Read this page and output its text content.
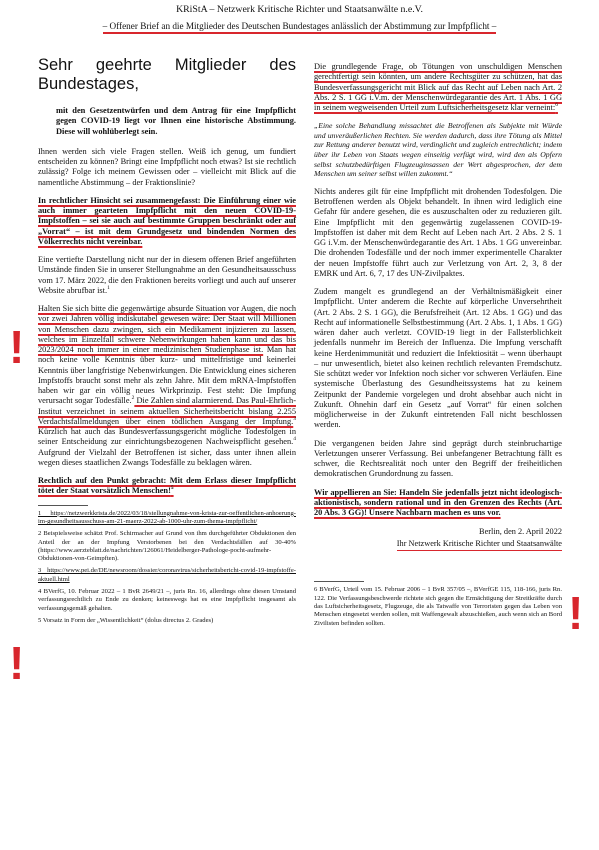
KRiStA – Netzwerk Kritische Richter und Staatsanwälte n.e.V.
– Offener Brief an die Mitglieder des Deutschen Bundestages anlässlich der Abstimmung zur Impfpflicht –
!
!
!
Sehr geehrte Mitglieder des Bundestages,

mit den Gesetzentwürfen und dem Antrag für eine Impfpflicht gegen COVID-19 liegt vor Ihnen eine historische Abstimmung. Diese will wohlüberlegt sein.

Ihnen werden sich viele Fragen stellen. Weiß ich genug, um fundiert entscheiden zu können? Bringt eine Impfpflicht noch etwas? Ist sie rechtlich zulässig? Folge ich meinem Gewissen oder – vielleicht mit Blick auf die namentliche Abstimmung – der Fraktionslinie?

In rechtlicher Hinsicht sei zusammengefasst: Die Einführung einer wie auch immer gearteten Impfpflicht mit den neuen COVID-19-Impfstoffen – sei sie auch auf bestimmte Gruppen beschränkt oder auf „Vorrat“ – ist mit dem Grundgesetz und bindenden Normen des Völkerrechts nicht vereinbar.

Eine vertiefte Darstellung nicht nur der in diesem offenen Brief angeführten Umstände finden Sie in unserer Stellungnahme an den Gesundheitsausschuss vom 17. März 2022, die den Fraktionen bereits vorliegt und auch auf unserer Website abrufbar ist.$^1$

Halten Sie sich bitte die gegenwärtige absurde Situation vor Augen, die noch vor zwei Jahren völlig indiskutabel gewesen wäre: Der Staat will Millionen von Menschen dazu zwingen, sich ein Medikament injizieren zu lassen, welches im Einzelfall schwere Nebenwirkungen haben kann und das bis 2023/2024 noch immer in einer medizinischen Studienphase ist. Man hat noch keine volle Kenntnis über kurz- und mittelfristige und keinerlei Kenntnis über langfristige Nebenwirkungen. Die Entwicklung eines sicheren Impfstoffs braucht sonst mehr als zehn Jahre. Mit dem mRNA-Impfstoffen haben wir gar ein völlig neues Wirkprinzip. Fest steht: Die Impfung verursacht sogar Todesfälle.$^2$ Die Zahlen sind alarmierend. Das Paul-Ehrlich-Institut verzeichnet in seinem aktuellen Sicherheitsbericht bislang 2.255 Verdachtsfallmeldungen über einen tödlichen Ausgang der Impfung.$^3$ Kürzlich hat auch das Bundesverfassungsgericht mögliche Todesfolgen in seiner Entscheidung zur einrichtungsbezogenen Nachweispflicht gesehen.$^4$ Aufgrund der Vielzahl der Betroffenen ist sicher, dass unter ihnen allein wegen dieses staatlichen Zwangs Todesfälle zu beklagen wären.

Rechtlich auf den Punkt gebracht: Mit dem Erlass dieser Impfpflicht tötet der Staat vorsätzlich Menschen!$^5$

1 https://netzwerkkrista.de/2022/03/18/stellungnahme-von-krista-zur-oeffentlichen-anhoerung-im-gesundheitsausschuss-am-21-maerz-2022-ab-1000-uhr-zum-thema-impfpflicht/

2 Beispielsweise schätzt Prof. Schirmacher auf Grund von ihm durchgeführter Obduktionen den Anteil der an der Impfung Verstorbenen bei den Verdachtsfällen auf 30-40% (https://www.aerzteblatt.de/nachrichten/126061/Heidelberger-Pathologe-pocht-aufmehr-Obduktionen-von-Geimpften).

3 https://www.pei.de/DE/newsroom/dossier/coronavirus/sicherheitsbericht-covid-19-impfstoffe-aktuell.html

4 BVerfG, 10. Februar 2022 – 1 BvR 2649/21 –, juris Rn. 16, allerdings ohne diesen Umstand verfassungsrechtlich zu Ende zu denken; keineswegs hat es eine Impfpflicht insgesamt als verfassungsgemäß gehalten.

5 Vorsatz in Form der „Wissentlichkeit“ (dolus directus 2. Grades)

Die grundlegende Frage, ob Tötungen von unschuldigen Menschen gerechtfertigt sein könnten, um andere Rechtsgüter zu schützen, hat das Bundesverfassungsgericht mit Blick auf das Recht auf Leben nach Art. 2 Abs. 2 S. 1 GG i.V.m. der Menschenwürdegarantie des Art. 1 Abs. 1 GG in seinem wegweisenden Urteil zum Luftsicherheitsgesetz klar verneint:$^6$

„Eine solche Behandlung missachtet die Betroffenen als Subjekte mit Würde und unveräußerlichen Rechten. Sie werden dadurch, dass ihre Tötung als Mittel zur Rettung anderer benutzt wird, verdinglicht und zugleich entrechtlicht; indem über ihr Leben von Staats wegen einseitig verfügt wird, wird den als Opfern selbst schutzbedürftigen Flugzeuginsassen der Wert abgesprochen, der dem Menschen um seiner selbst willen zukommt.“

Nichts anderes gilt für eine Impfpflicht mit drohenden Todesfolgen. Die Betroffenen werden als Objekt behandelt. In ihnen wird lediglich eine Gefahr für andere gesehen, die es auszuschalten oder zu reduzieren gilt. Eine Impfpflicht mit den gegenwärtig zugelassenen COVID-19-Impfstoffen ist daher mit dem Recht auf Leben nach Art. 2 Abs. 2 S. 1 GG i.V.m. der Menschenwürdegarantie des Art. 1 Abs. 1 GG unvereinbar. Die drohenden Todesfälle und der noch immer experimentelle Charakter der neuen Impfstoffe führt auch zur Verletzung von Art. 2, 3, 8 der EMRK und Art. 6, 7, 17 des UN-Zivilpaktes.

Zudem mangelt es grundlegend an der Verhältnismäßigkeit einer Impfpflicht. Unter anderem die Rechte auf körperliche Unversehrtheit (Art. 2 Abs. 2 S. 1 GG), die Berufsfreiheit (Art. 12 Abs. 1 GG) und das Recht auf informationelle Selbstbestimmung (Art. 2 Abs. 1, 1 Abs. 1 GG) wären daher auch verletzt. COVID-19 liegt in der Fallsterblichkeit jedenfalls nunmehr im Bereich der Influenza. Die Impfung verschafft keine Herdenimmunität und reduziert die Infektiosität – wenn überhaupt – nur unwesentlich, bietet also keinen rechtlich relevanten Fremdschutz. Sie schützt weder vor Infektion noch sicher vor schweren Verläufen. Eine systemische Überlastung des Gesundheitssystems hat zu keinem Zeitpunkt der Pandemie vorgelegen und droht absehbar auch nicht in Zukunft. Ohnehin darf ein Gesetz „auf Vorrat“ für einen solchen möglicherweise in der Zukunft eintretenden Fall nicht beschlossen werden.

Die vergangenen beiden Jahre sind geprägt durch steinbruchartige Verletzungen unserer Verfassung. Bei unbefangener Betrachtung fällt es schwer, die Rechtsrealität noch unter den Begriff der freiheitlichen demokratischen Grundordnung zu fassen.

Wir appellieren an Sie: Handeln Sie jedenfalls jetzt nicht ideologisch-aktionistisch, sondern rational und in den Grenzen des Rechts (Art. 20 Abs. 3 GG)! Unsere Nachbarn machen es uns vor.

Berlin, den 2. April 2022
Ihr Netzwerk Kritische Richter und Staatsanwälte

6 BVerfG, Urteil vom 15. Februar 2006 – 1 BvR 357/05 –, BVerfGE 115, 118-166, juris Rn. 122. Die Verfassungsbeschwerde richtete sich gegen die Ermächtigung der Streitkräfte durch das Luftsicherheitsgesetz, Flugzeuge, die als Tatwaffe von Terroristen gegen das Leben von Menschen eingesetzt werden sollen, mit Waffengewalt abzuschießen, auch wenn sich an Bord Zivilisten befinden sollten.
